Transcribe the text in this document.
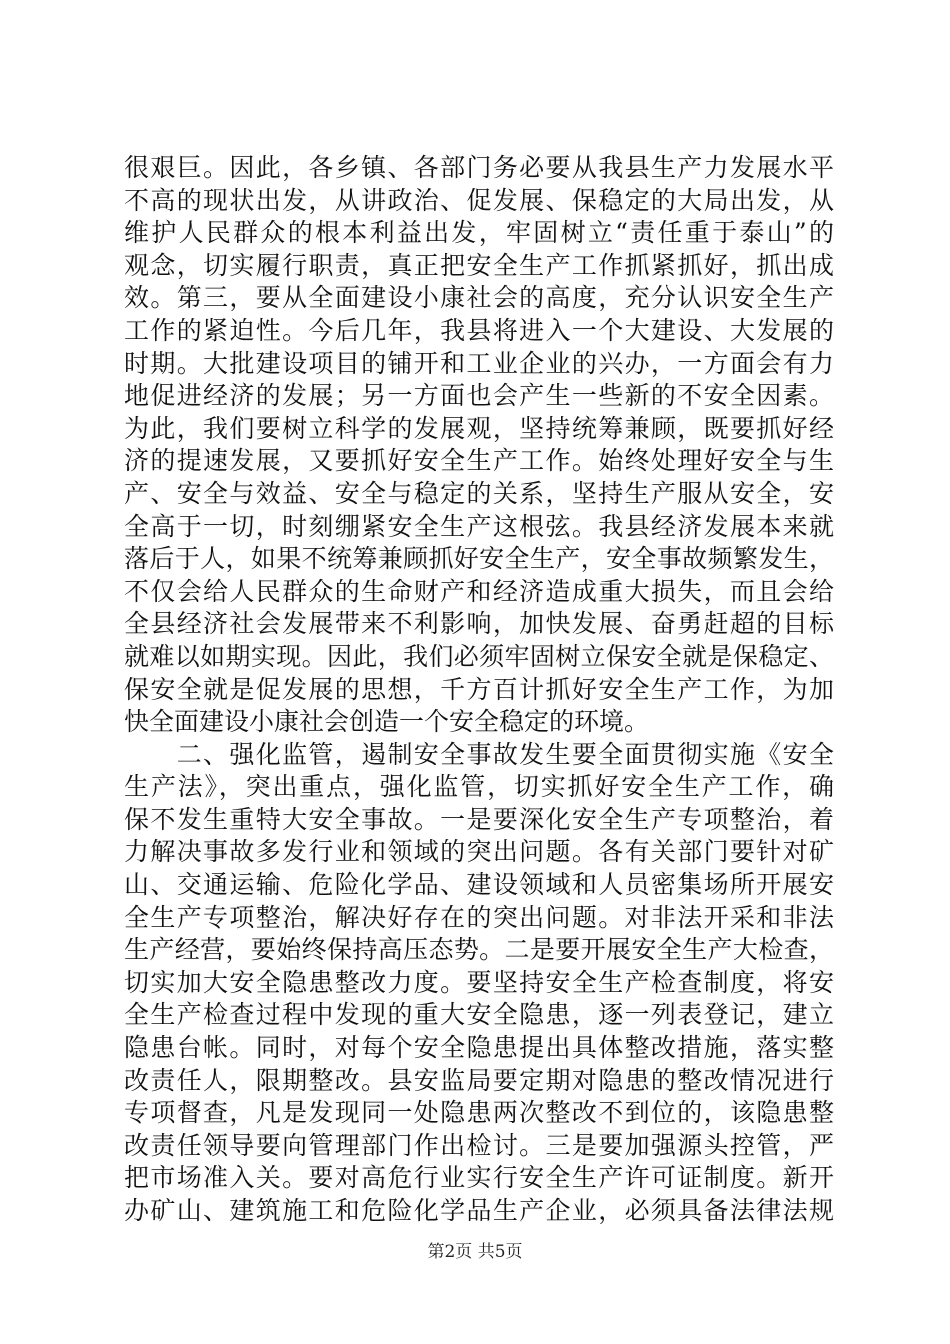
很艰巨。因此，各乡镇、各部门务必要从我县生产力发展水平
不高的现状出发，从讲政治、促发展、保稳定的大局出发，从
维护人民群众的根本利益出发，牢固树立“责任重于泰山”的
观念，切实履行职责，真正把安全生产工作抓紧抓好，抓出成
效。第三，要从全面建设小康社会的高度，充分认识安全生产
工作的紧迫性。今后几年，我县将进入一个大建设、大发展的
时期。大批建设项目的铺开和工业企业的兴办，一方面会有力
地促进经济的发展；另一方面也会产生一些新的不安全因素。
为此，我们要树立科学的发展观，坚持统筹兼顾，既要抓好经
济的提速发展，又要抓好安全生产工作。始终处理好安全与生
产、安全与效益、安全与稳定的关系，坚持生产服从安全，安
全高于一切，时刻绷紧安全生产这根弦。我县经济发展本来就
落后于人，如果不统筹兼顾抓好安全生产，安全事故频繁发生，
不仅会给人民群众的生命财产和经济造成重大损失，而且会给
全县经济社会发展带来不利影响，加快发展、奋勇赶超的目标
就难以如期实现。因此，我们必须牢固树立保安全就是保稳定、
保安全就是促发展的思想，千方百计抓好安全生产工作，为加
快全面建设小康社会创造一个安全稳定的环境。
　　二、强化监管，遏制安全事故发生要全面贯彻实施《安全
生产法》，突出重点，强化监管，切实抓好安全生产工作，确
保不发生重特大安全事故。一是要深化安全生产专项整治，着
力解决事故多发行业和领域的突出问题。各有关部门要针对矿
山、交通运输、危险化学品、建设领域和人员密集场所开展安
全生产专项整治，解决好存在的突出问题。对非法开采和非法
生产经营，要始终保持高压态势。二是要开展安全生产大检查，
切实加大安全隐患整改力度。要坚持安全生产检查制度，将安
全生产检查过程中发现的重大安全隐患，逐一列表登记，建立
隐患台帐。同时，对每个安全隐患提出具体整改措施，落实整
改责任人，限期整改。县安监局要定期对隐患的整改情况进行
专项督查，凡是发现同一处隐患两次整改不到位的，该隐患整
改责任领导要向管理部门作出检讨。三是要加强源头控管，严
把市场准入关。要对高危行业实行安全生产许可证制度。新开
办矿山、建筑施工和危险化学品生产企业，必须具备法律法规
第2页 共5页
